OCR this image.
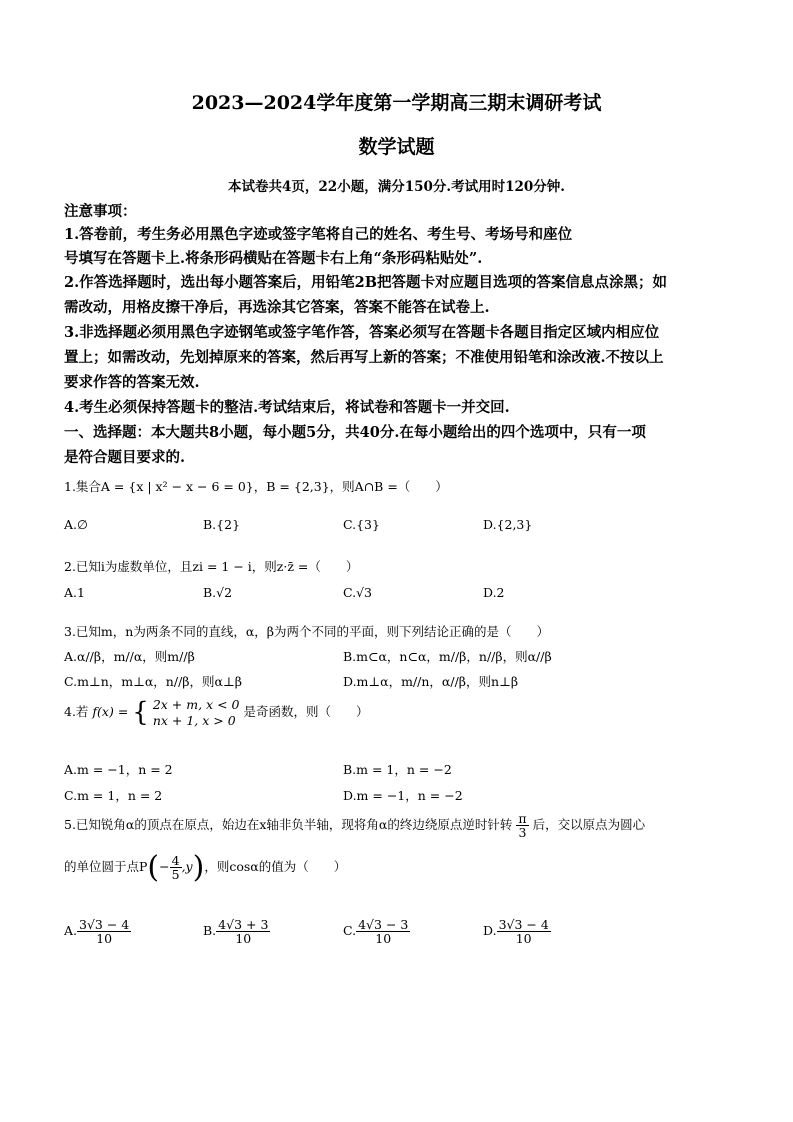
2023—2024学年度第一学期高三期末调研考试
数学试题
本试卷共4页，22小题，满分150分.考试用时120分钟.
注意事项：
1.答卷前，考生务必用黑色字迹或签字笔将自己的姓名、考生号、考场号和座位
号填写在答题卡上.将条形码横贴在答题卡右上角“条形码粘贴处”.
2.作答选择题时，选出每小题答案后，用铅笔2B把答题卡对应题目选项的答案信息点涂黑；如
需改动，用格皮擦干净后，再选涂其它答案，答案不能答在试卷上.
3.非选择题必须用黑色字迹钢笔或签字笔作答，答案必须写在答题卡各题目指定区域内相应位
置上；如需改动，先划掉原来的答案，然后再写上新的答案；不准使用铅笔和涂改液.不按以上
要求作答的答案无效.
4.考生必须保持答题卡的整洁.考试结束后，将试卷和答题卡一并交回.
一、选择题：本大题共8小题，每小题5分，共40分.在每小题给出的四个选项中，只有一项
是符合题目要求的.
1.集合A = {x | x² − x − 6 = 0}，B = {2,3}，则A∩B =（　　）
A.∅	B.{2}	C.{3}	D.{2,3}
2.已知i为虚数单位，且zi = 1 − i，则z·z̄ =（　　）
A.1	B.√2	C.√3	D.2
3.已知m，n为两条不同的直线，α，β为两个不同的平面，则下列结论正确的是（　　）
A.α//β，m//α，则m//β	B.m⊂α，n⊂α，m//β，n//β，则α//β
C.m⊥n，m⊥α，n//β，则α⊥β	D.m⊥α，m//n，α//β，则n⊥β
4.若 f(x) = { 2x + m, x < 0
nx + 1, x > 0
是奇函数，则（　　）
A.m = −1，n = 2	B.m = 1，n = −2
C.m = 1，n = 2	D.m = −1，n = −2
5.已知锐角α的顶点在原点，始边在x轴非负半轴，现将角α的终边绕原点逆时针转 $\frac{\pi}{3}$ 后，交以原点为圆心
的单位圆于点$P(- \frac{4}{5} ,y)$，则cosα的值为（　　）
A. $\frac{3√3 - 4}{10}$	B. $\frac{4√3 + 3}{10}$	C. $\frac{4√3 - 3}{10}$	D. $\frac{3√3 - 4}{10}$
